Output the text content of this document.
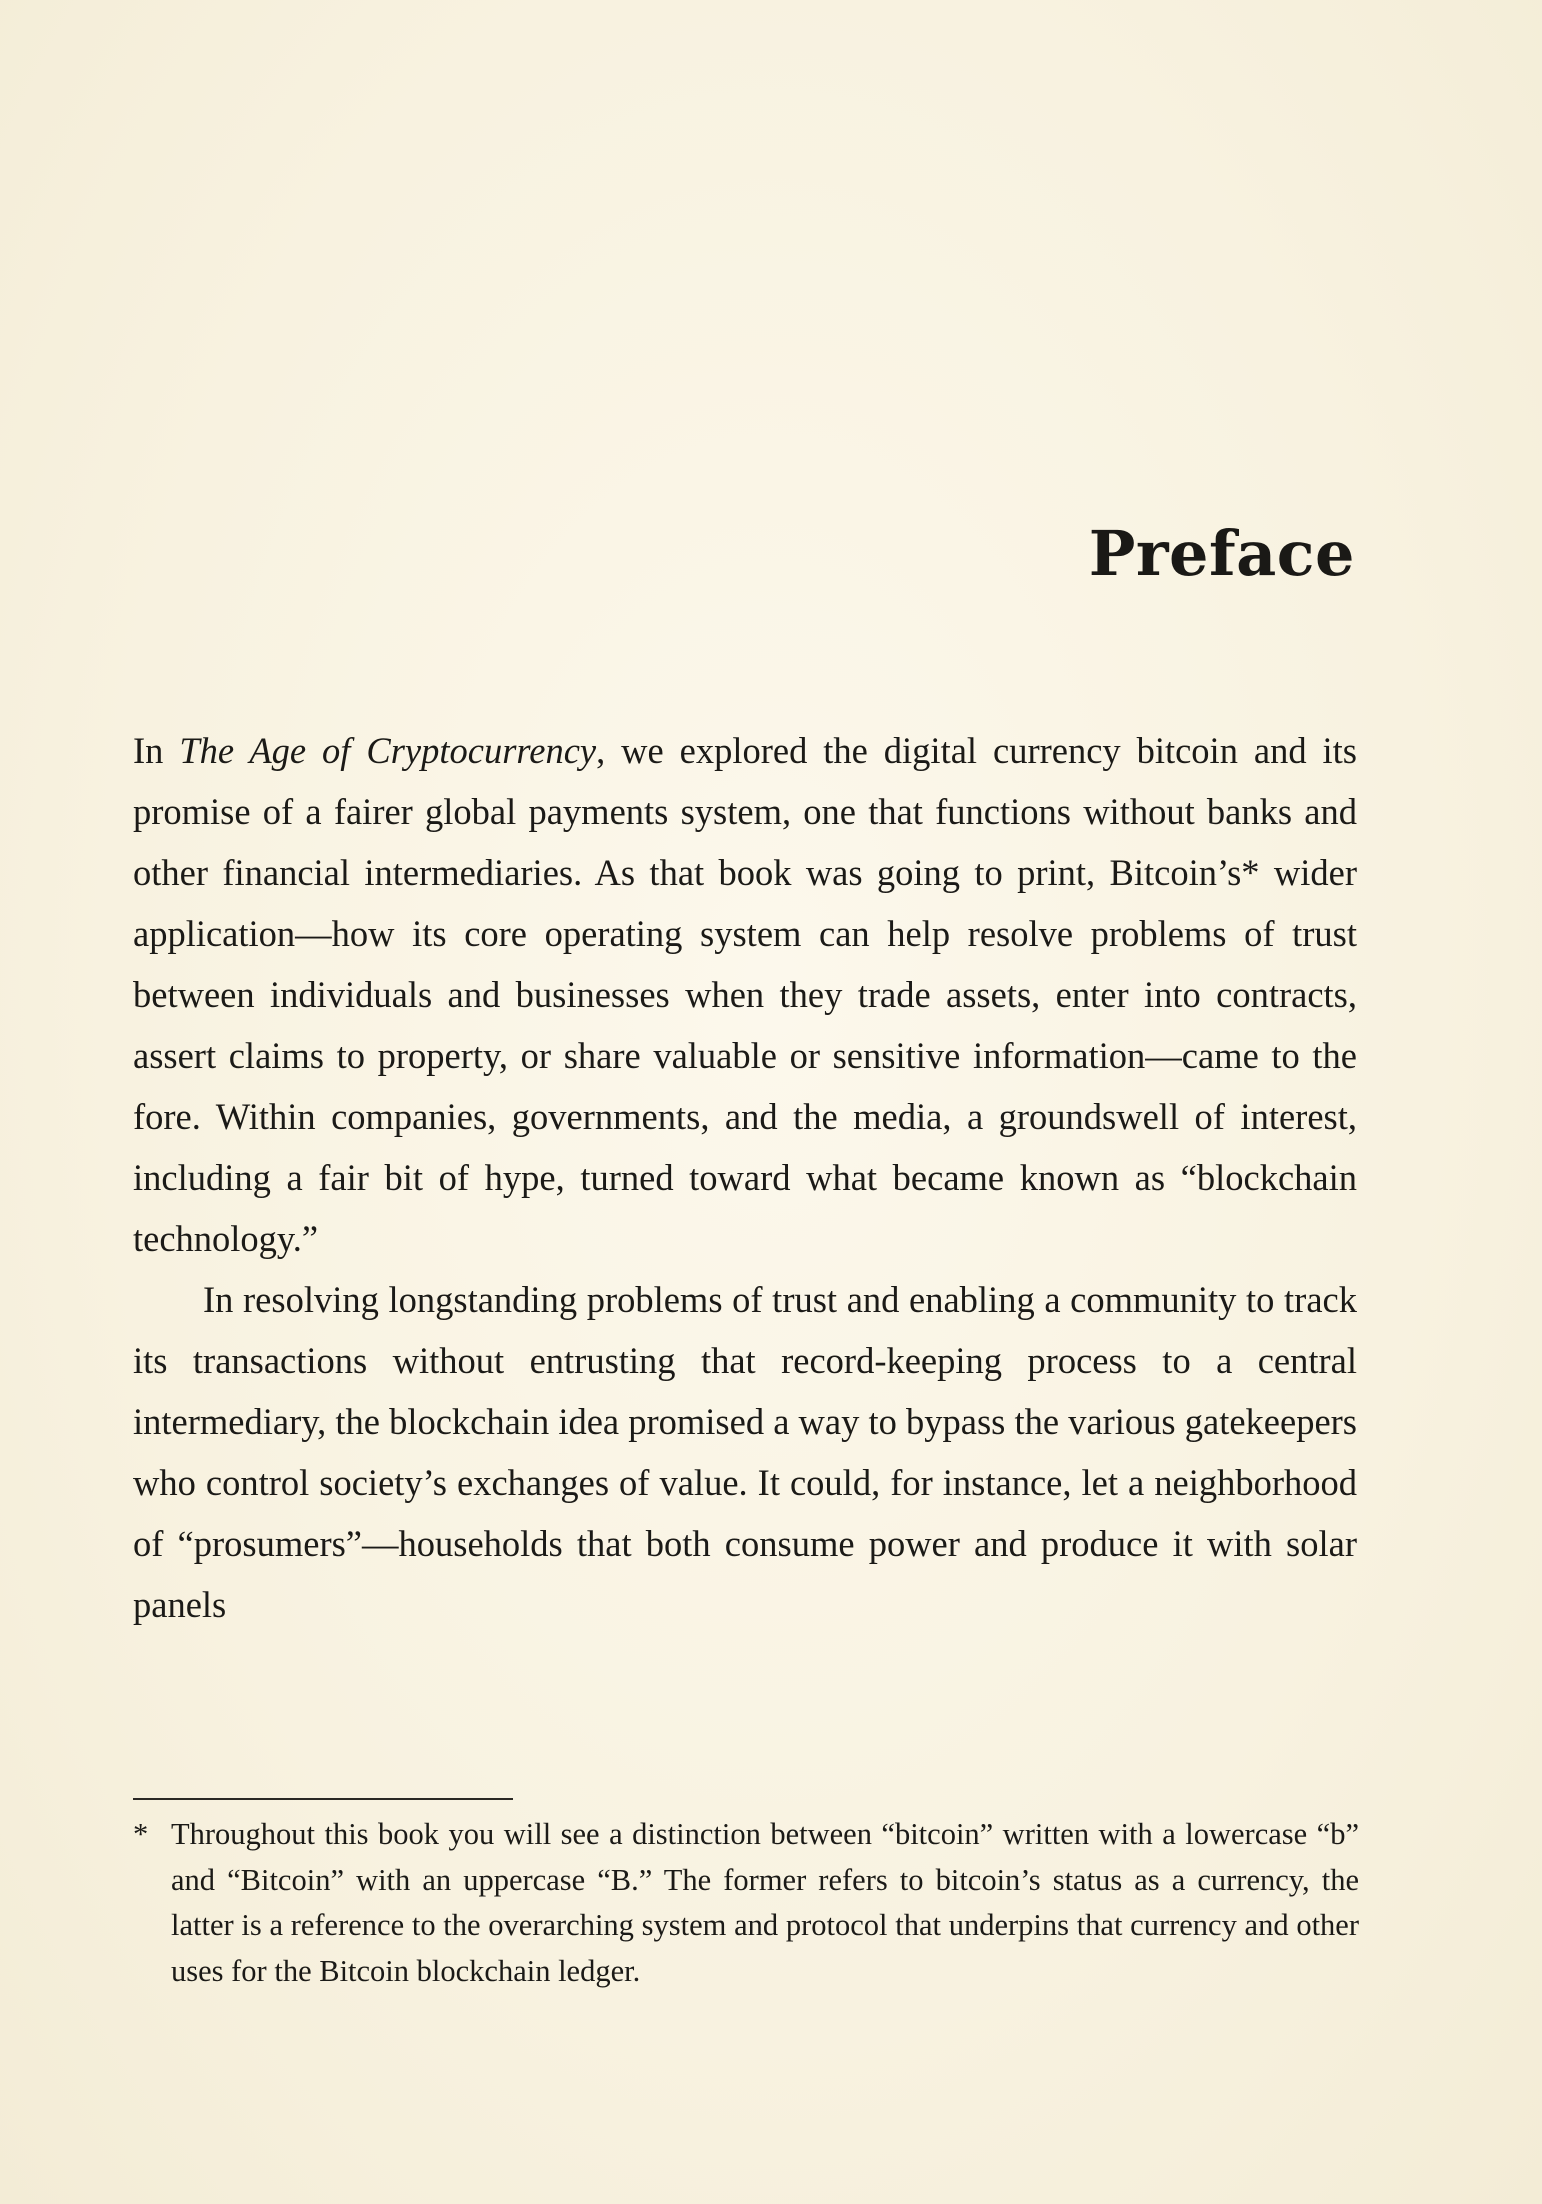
Preface

In The Age of Cryptocurrency, we explored the digital currency bitcoin and its promise of a fairer global payments system, one that functions without banks and other financial intermediaries. As that book was going to print, Bitcoin’s* wider application—how its core operating system can help resolve problems of trust between individuals and businesses when they trade assets, enter into contracts, assert claims to property, or share valuable or sensitive information—came to the fore. Within companies, governments, and the media, a groundswell of interest, including a fair bit of hype, turned toward what became known as “blockchain technology.”

In resolving longstanding problems of trust and enabling a community to track its transactions without entrusting that record-keeping process to a central intermediary, the blockchain idea promised a way to bypass the various gatekeepers who control society’s exchanges of value. It could, for instance, let a neighborhood of “prosumers”—households that both consume power and produce it with solar panels

* Throughout this book you will see a distinction between “bitcoin” written with a lowercase “b” and “Bitcoin” with an uppercase “B.” The former refers to bitcoin’s status as a currency, the latter is a reference to the overarching system and protocol that underpins that currency and other uses for the Bitcoin blockchain ledger.
